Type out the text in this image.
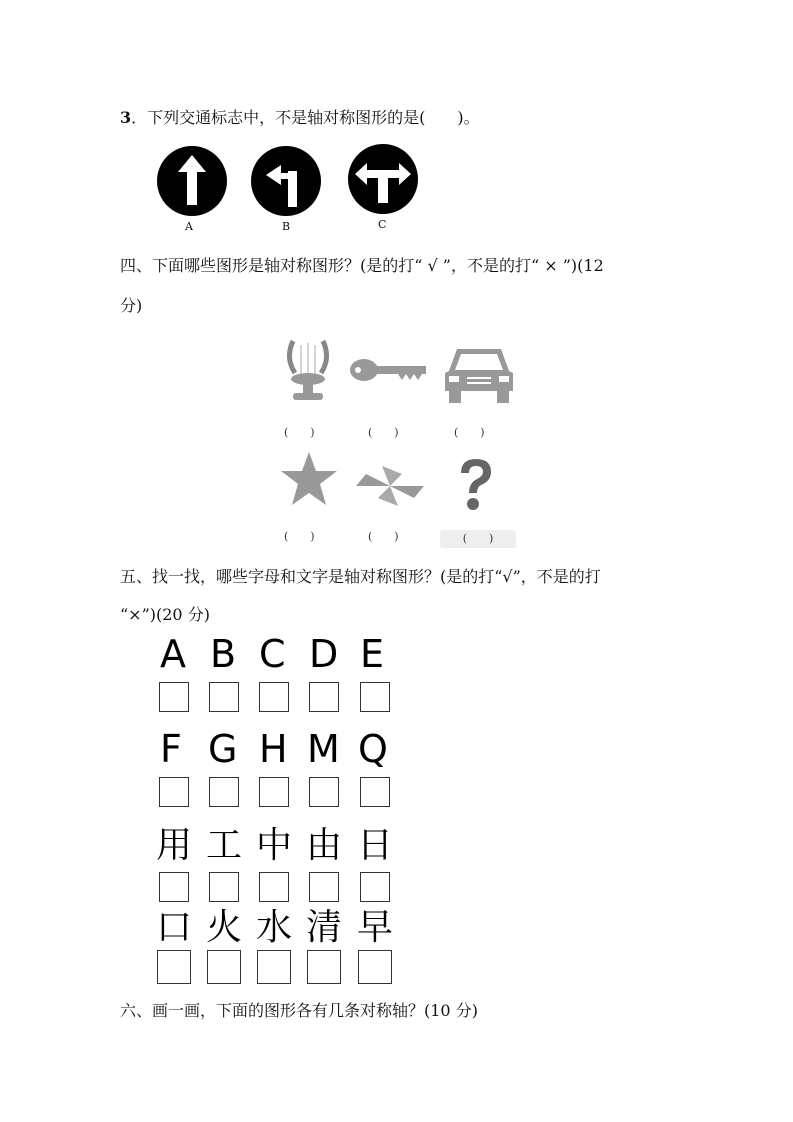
3．下列交通标志中，不是轴对称图形的是(　　)。
A	B	C
四、下面哪些图形是轴对称图形？(是的打“ √ ”，不是的打“ × ”)(12
分)
(　　)	(　　)	(　　)
(　　)	(　　)	(　　)
五、找一找，哪些字母和文字是轴对称图形？(是的打“√”，不是的打
“×”)(20 分)
A B C D E
F G H M Q
用 工 中 由 日
口 火 水 清 早
六、画一画，下面的图形各有几条对称轴？(10 分)
